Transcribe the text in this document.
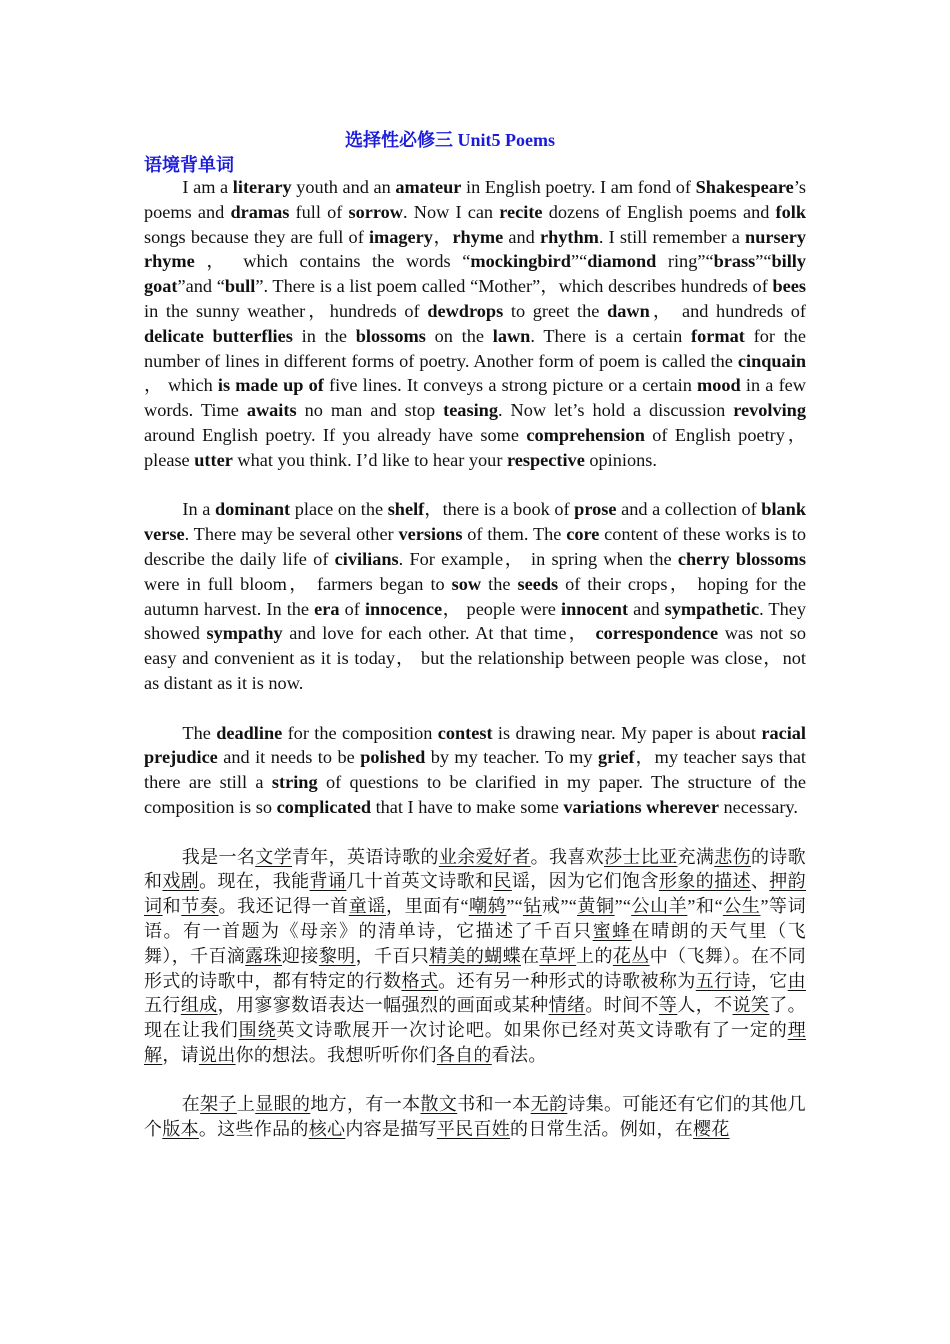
选择性必修三 Unit5 Poems
语境背单词

I am a literary youth and an amateur in English poetry. I am fond of Shakespeare’s poems and dramas full of sorrow. Now I can recite dozens of English poems and folk songs because they are full of imagery，rhyme and rhythm. I still remember a nursery rhyme ， which contains the words “mockingbird”“diamond ring”“brass”“billy goat”and “bull”. There is a list poem called “Mother”，which describes hundreds of bees in the sunny weather，hundreds of dewdrops to greet the dawn， and hundreds of delicate butterflies in the blossoms on the lawn. There is a certain format for the number of lines in different forms of poetry. Another form of poem is called the cinquain ， which is made up of five lines. It conveys a strong picture or a certain mood in a few words. Time awaits no man and stop teasing. Now let’s hold a discussion revolving around English poetry. If you already have some comprehension of English poetry， please utter what you think. I’d like to hear your respective opinions.

In a dominant place on the shelf，there is a book of prose and a collection of blank verse. There may be several other versions of them. The core content of these works is to describe the daily life of civilians. For example， in spring when the cherry blossoms were in full bloom， farmers began to sow the seeds of their crops， hoping for the autumn harvest. In the era of innocence， people were innocent and sympathetic. They showed sympathy and love for each other. At that time， correspondence was not so easy and convenient as it is today， but the relationship between people was close，not as distant as it is now.

The deadline for the composition contest is drawing near. My paper is about racial prejudice and it needs to be polished by my teacher. To my grief，my teacher says that there are still a string of questions to be clarified in my paper. The structure of the composition is so complicated that I have to make some variations wherever necessary.

我是一名文学青年，英语诗歌的业余爱好者。我喜欢莎士比亚充满悲伤的诗歌和戏剧。现在，我能背诵几十首英文诗歌和民谣，因为它们饱含形象的描述、押韵词和节奏。我还记得一首童谣，里面有“嘲鸫”“钻戒”“黄铜”“公山羊”和“公生”等词语。有一首题为《母亲》的清单诗，它描述了千百只蜜蜂在晴朗的天气里（飞舞），千百滴露珠迎接黎明，千百只精美的蝴蝶在草坪上的花丛中（飞舞）。在不同形式的诗歌中，都有特定的行数格式。还有另一种形式的诗歌被称为五行诗，它由五行组成，用寥寥数语表达一幅强烈的画面或某种情绪。时间不等人，不说笑了。现在让我们围绕英文诗歌展开一次讨论吧。如果你已经对英文诗歌有了一定的理解，请说出你的想法。我想听听你们各自的看法。

在架子上显眼的地方，有一本散文书和一本无韵诗集。可能还有它们的其他几个版本。这些作品的核心内容是描写平民百姓的日常生活。例如，在樱花
